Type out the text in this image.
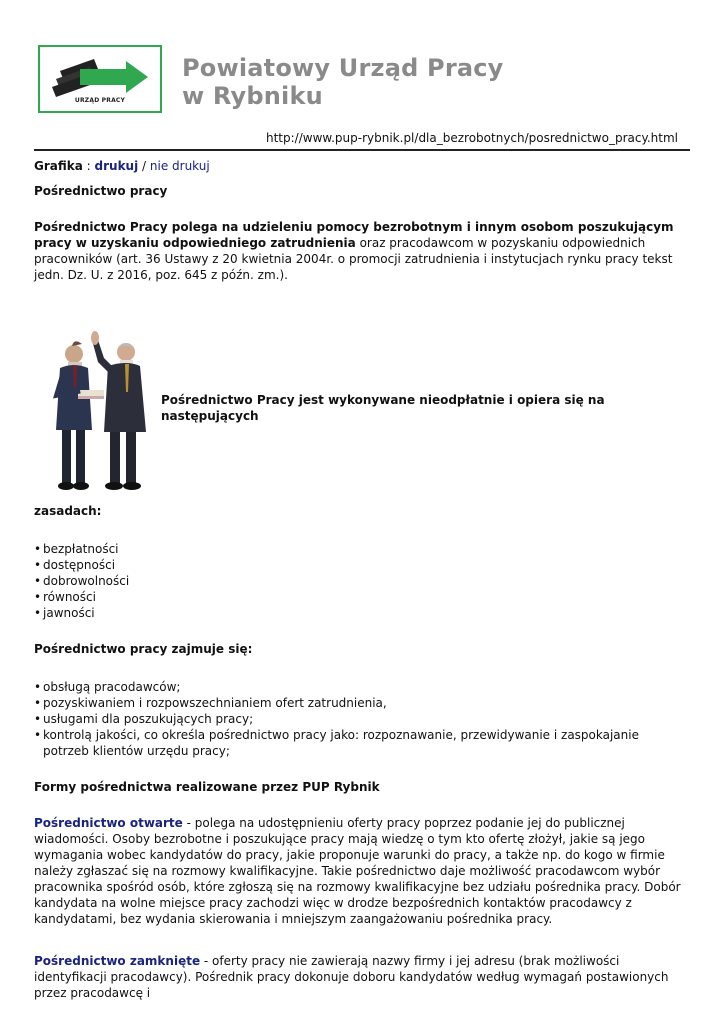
URZĄD PRACY
Powiatowy Urząd Pracy
w Rybniku
http://www.pup-rybnik.pl/dla_bezrobotnych/posrednictwo_pracy.html

Grafika : drukuj / nie drukuj

Pośrednictwo pracy

Pośrednictwo Pracy polega na udzieleniu pomocy bezrobotnym i innym osobom poszukującym pracy w uzyskaniu odpowiedniego zatrudnienia oraz pracodawcom w pozyskaniu odpowiednich pracowników (art. 36 Ustawy z 20 kwietnia 2004r. o promocji zatrudnienia i instytucjach rynku pracy tekst jedn. Dz. U. z 2016, poz. 645 z późn. zm.).

Pośrednictwo Pracy jest wykonywane nieodpłatnie i opiera się na następujących

zasadach:

• bezpłatności
• dostępności
• dobrowolności
• równości
• jawności

Pośrednictwo pracy zajmuje się:

• obsługą pracodawców;
• pozyskiwaniem i rozpowszechnianiem ofert zatrudnienia,
• usługami dla poszukujących pracy;
• kontrolą jakości, co określa pośrednictwo pracy jako: rozpoznawanie, przewidywanie i zaspokajanie potrzeb klientów urzędu pracy;

Formy pośrednictwa realizowane przez PUP Rybnik

Pośrednictwo otwarte - polega na udostępnieniu oferty pracy poprzez podanie jej do publicznej wiadomości. Osoby bezrobotne i poszukujące pracy mają wiedzę o tym kto ofertę złożył, jakie są jego wymagania wobec kandydatów do pracy, jakie proponuje warunki do pracy, a także np. do kogo w firmie należy zgłaszać się na rozmowy kwalifikacyjne. Takie pośrednictwo daje możliwość pracodawcom wybór pracownika spośród osób, które zgłoszą się na rozmowy kwalifikacyjne bez udziału pośrednika pracy. Dobór kandydata na wolne miejsce pracy zachodzi więc w drodze bezpośrednich kontaktów pracodawcy z kandydatami, bez wydania skierowania i mniejszym zaangażowaniu pośrednika pracy.

Pośrednictwo zamknięte - oferty pracy nie zawierają nazwy firmy i jej adresu (brak możliwości identyfikacji pracodawcy). Pośrednik pracy dokonuje doboru kandydatów według wymagań postawionych przez pracodawcę i
